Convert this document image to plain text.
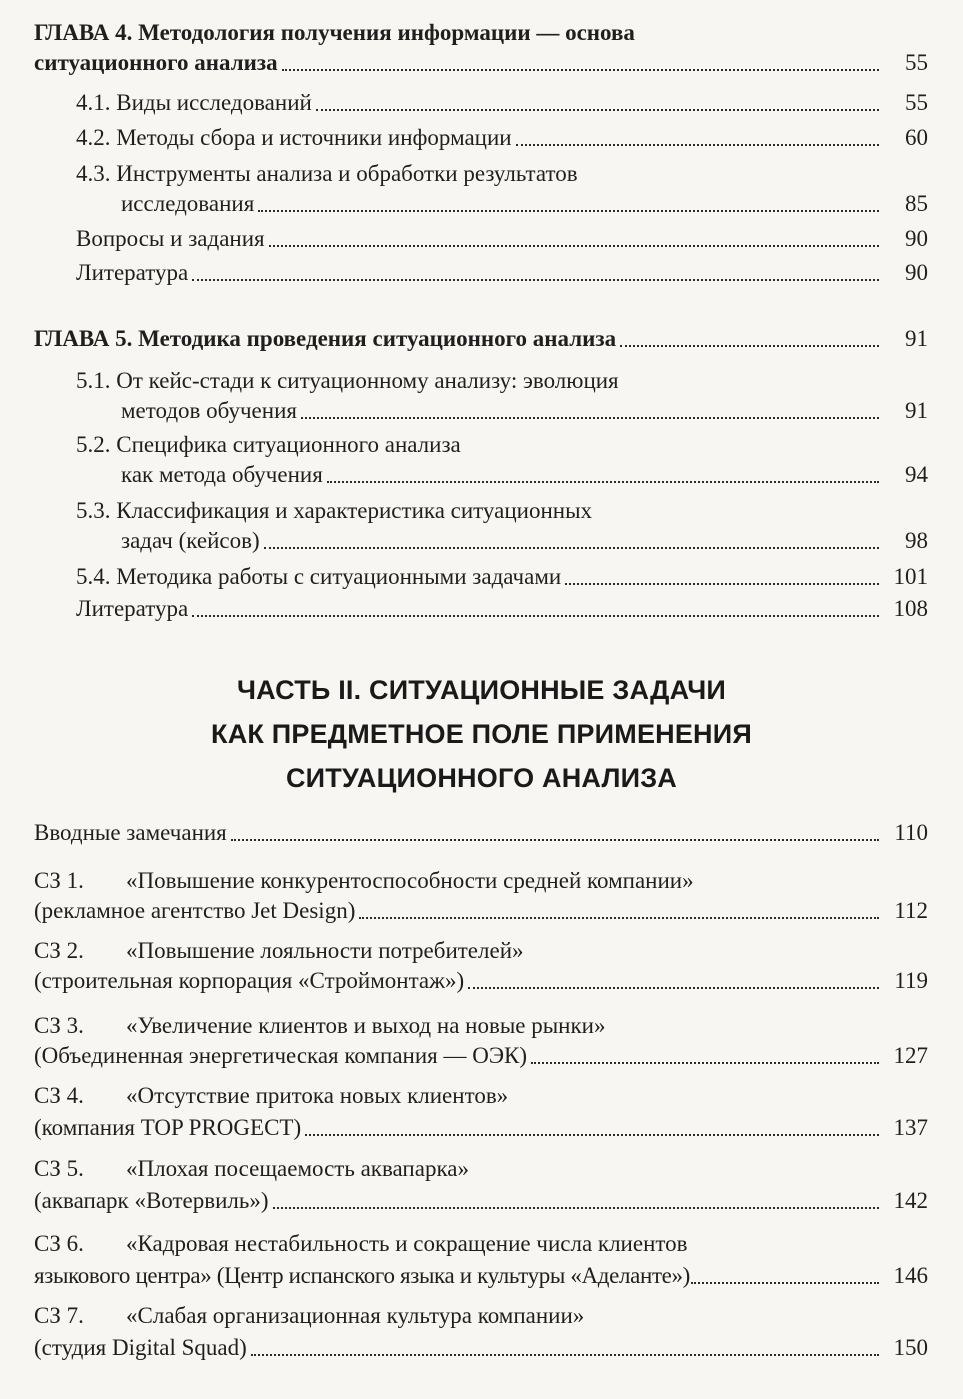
ГЛАВА 4. Методология получения информации — основа
ситуационного анализа	55
4.1. Виды исследований	55
4.2. Методы сбора и источники информации	60
4.3. Инструменты анализа и обработки результатов
исследования	85
Вопросы и задания	90
Литература	90
ГЛАВА 5. Методика проведения ситуационного анализа	91
5.1. От кейс-стади к ситуационному анализу: эволюция
методов обучения	91
5.2. Специфика ситуационного анализа
как метода обучения	94
5.3. Классификация и характеристика ситуационных
задач (кейсов)	98
5.4. Методика работы с ситуационными задачами	101
Литература	108
ЧАСТЬ II. СИТУАЦИОННЫЕ ЗАДАЧИ
КАК ПРЕДМЕТНОЕ ПОЛЕ ПРИМЕНЕНИЯ
СИТУАЦИОННОГО АНАЛИЗА
Вводные замечания	110
СЗ 1. «Повышение конкурентоспособности средней компании»
(рекламное агентство Jet Design)	112
СЗ 2. «Повышение лояльности потребителей»
(строительная корпорация «Строймонтаж»)	119
СЗ 3. «Увеличение клиентов и выход на новые рынки»
(Объединенная энергетическая компания — ОЭК)	127
СЗ 4. «Отсутствие притока новых клиентов»
(компания TOP PROGECT)	137
СЗ 5. «Плохая посещаемость аквапарка»
(аквапарк «Вотервиль»)	142
СЗ 6. «Кадровая нестабильность и сокращение числа клиентов
языкового центра» (Центр испанского языка и культуры «Аделанте»)	146
СЗ 7. «Слабая организационная культура компании»
(студия Digital Squad)	150
